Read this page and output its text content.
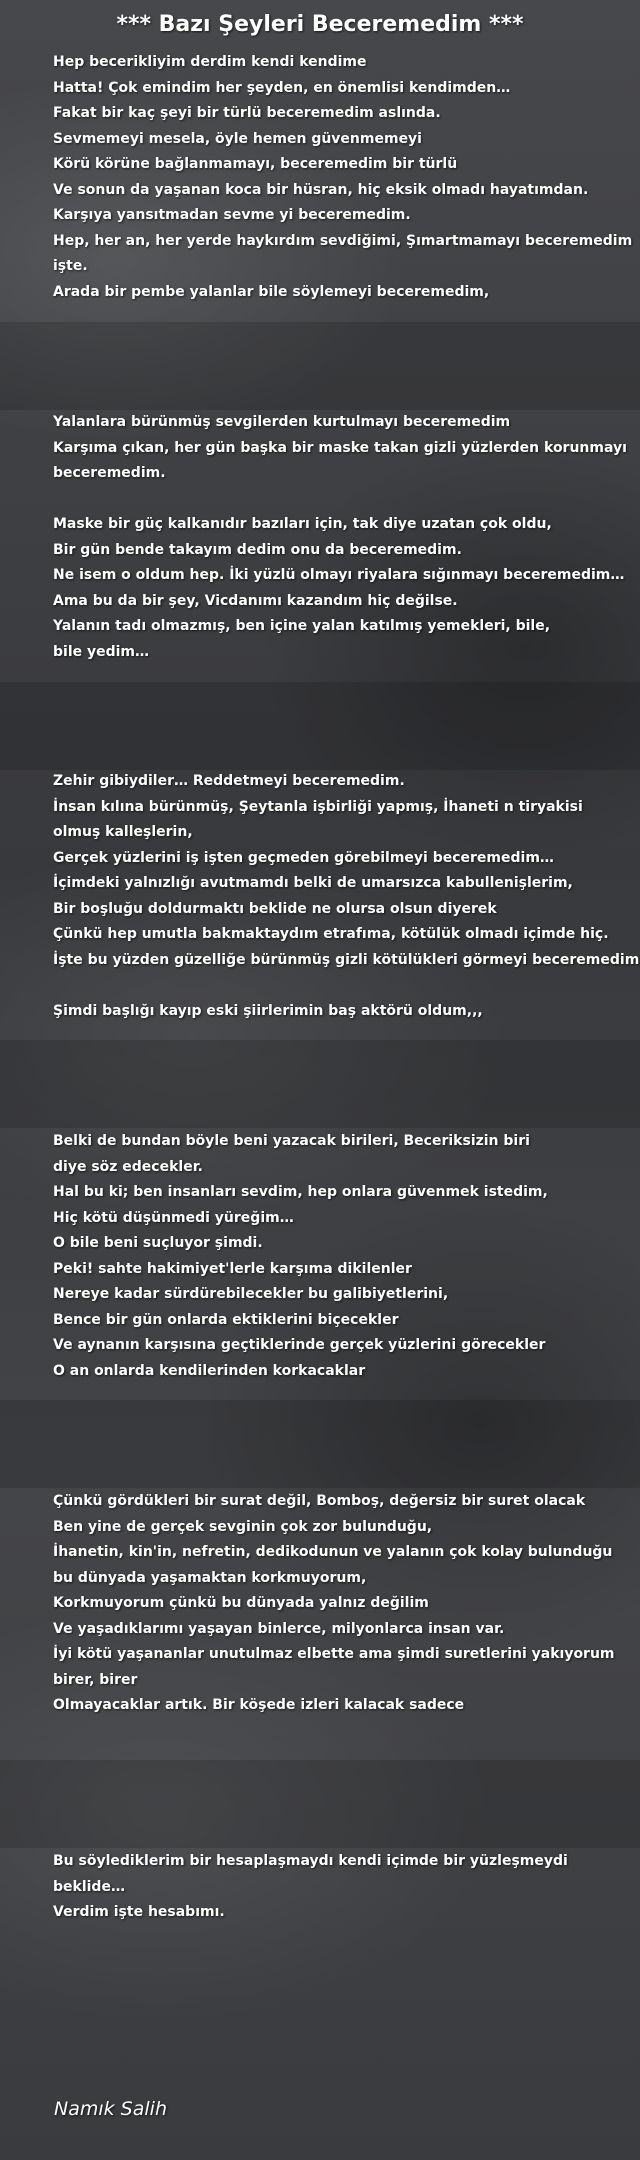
*** Bazı Şeyleri Beceremedim ***
Hep becerikliyim derdim kendi kendime
Hatta! Çok emindim her şeyden, en önemlisi kendimden…
Fakat bir kaç şeyi bir türlü beceremedim aslında.
Sevmemeyi mesela, öyle hemen güvenmemeyi
Körü körüne bağlanmamayı, beceremedim bir türlü
Ve sonun da yaşanan koca bir hüsran, hiç eksik olmadı hayatımdan.
Karşıya yansıtmadan sevme yi beceremedim.
Hep, her an, her yerde haykırdım sevdiğimi, Şımartmamayı beceremedim
işte.
Arada bir pembe yalanlar bile söylemeyi beceremedim,
Yalanlara bürünmüş sevgilerden kurtulmayı beceremedim
Karşıma çıkan, her gün başka bir maske takan gizli yüzlerden korunmayı
beceremedim.
Maske bir güç kalkanıdır bazıları için, tak diye uzatan çok oldu,
Bir gün bende takayım dedim onu da beceremedim.
Ne isem o oldum hep. İki yüzlü olmayı riyalara sığınmayı beceremedim…
Ama bu da bir şey, Vicdanımı kazandım hiç değilse.
Yalanın tadı olmazmış, ben içine yalan katılmış yemekleri, bile,
bile yedim…
Zehir gibiydiler… Reddetmeyi beceremedim.
İnsan kılına bürünmüş, Şeytanla işbirliği yapmış, İhaneti n tiryakisi
olmuş kalleşlerin,
Gerçek yüzlerini iş işten geçmeden görebilmeyi beceremedim…
İçimdeki yalnızlığı avutmamdı belki de umarsızca kabullenişlerim,
Bir boşluğu doldurmaktı beklide ne olursa olsun diyerek
Çünkü hep umutla bakmaktaydım etrafıma, kötülük olmadı içimde hiç.
İşte bu yüzden güzelliğe bürünmüş gizli kötülükleri görmeyi beceremedim
Şimdi başlığı kayıp eski şiirlerimin baş aktörü oldum,,,
Belki de bundan böyle beni yazacak birileri, Beceriksizin biri
diye söz edecekler.
Hal bu ki; ben insanları sevdim, hep onlara güvenmek istedim,
Hiç kötü düşünmedi yüreğim…
O bile beni suçluyor şimdi.
Peki! sahte hakimiyet'lerle karşıma dikilenler
Nereye kadar sürdürebilecekler bu galibiyetlerini,
Bence bir gün onlarda ektiklerini biçecekler
Ve aynanın karşısına geçtiklerinde gerçek yüzlerini görecekler
O an onlarda kendilerinden korkacaklar
Çünkü gördükleri bir surat değil, Bomboş, değersiz bir suret olacak
Ben yine de gerçek sevginin çok zor bulunduğu,
İhanetin, kin'in, nefretin, dedikodunun ve yalanın çok kolay bulunduğu
bu dünyada yaşamaktan korkmuyorum,
Korkmuyorum çünkü bu dünyada yalnız değilim
Ve yaşadıklarımı yaşayan binlerce, milyonlarca insan var.
İyi kötü yaşananlar unutulmaz elbette ama şimdi suretlerini yakıyorum
birer, birer
Olmayacaklar artık. Bir köşede izleri kalacak sadece
Bu söylediklerim bir hesaplaşmaydı kendi içimde bir yüzleşmeydi
beklide…
Verdim işte hesabımı.
Namık Salih
